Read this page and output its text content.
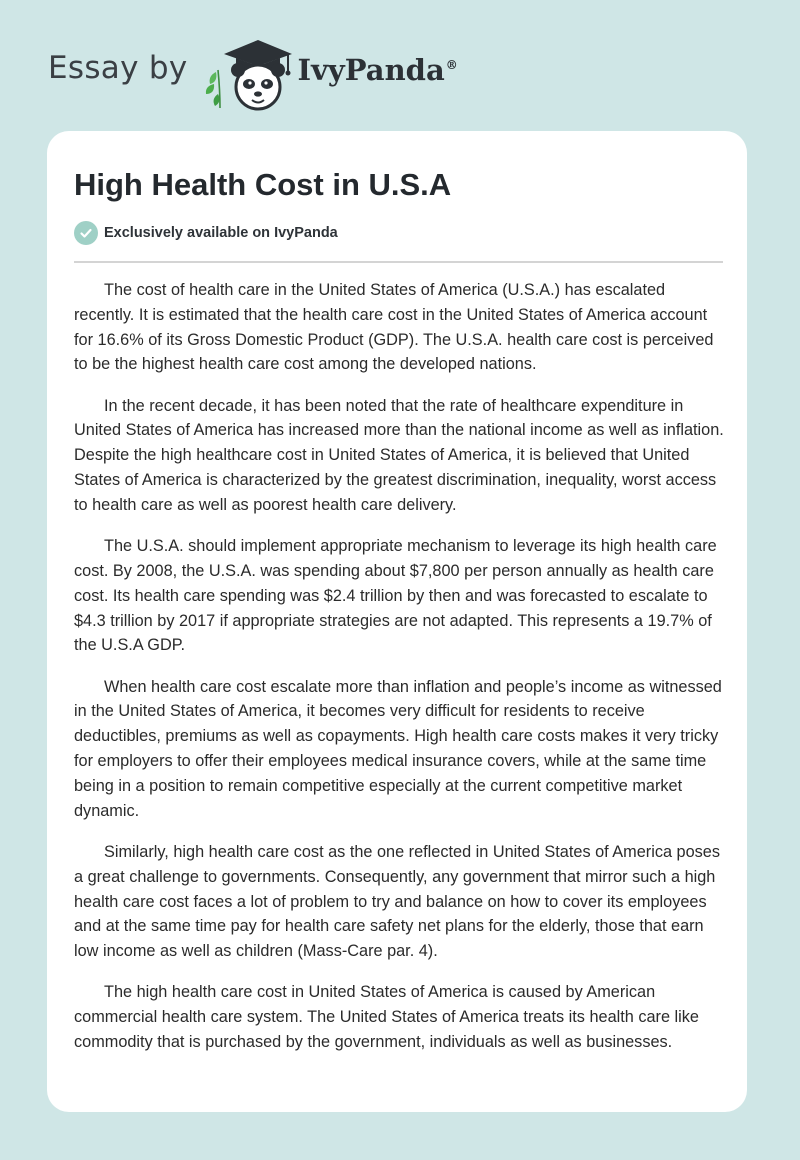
Essay by	IvyPanda®
High Health Cost in U.S.A
Exclusively available on IvyPanda

The cost of health care in the United States of America (U.S.A.) has escalated recently. It is estimated that the health care cost in the United States of America account for 16.6% of its Gross Domestic Product (GDP). The U.S.A. health care cost is perceived to be the highest health care cost among the developed nations.

In the recent decade, it has been noted that the rate of healthcare expenditure in United States of America has increased more than the national income as well as inflation. Despite the high healthcare cost in United States of America, it is believed that United States of America is characterized by the greatest discrimination, inequality, worst access to health care as well as poorest health care delivery.

The U.S.A. should implement appropriate mechanism to leverage its high health care cost. By 2008, the U.S.A. was spending about $7,800 per person annually as health care cost. Its health care spending was $2.4 trillion by then and was forecasted to escalate to $4.3 trillion by 2017 if appropriate strategies are not adapted. This represents a 19.7% of the U.S.A GDP.

When health care cost escalate more than inflation and people’s income as witnessed in the United States of America, it becomes very difficult for residents to receive deductibles, premiums as well as copayments. High health care costs makes it very tricky for employers to offer their employees medical insurance covers, while at the same time being in a position to remain competitive especially at the current competitive market dynamic.

Similarly, high health care cost as the one reflected in United States of America poses a great challenge to governments. Consequently, any government that mirror such a high health care cost faces a lot of problem to try and balance on how to cover its employees and at the same time pay for health care safety net plans for the elderly, those that earn low income as well as children (Mass-Care par. 4).

The high health care cost in United States of America is caused by American commercial health care system. The United States of America treats its health care like commodity that is purchased by the government, individuals as well as businesses.
